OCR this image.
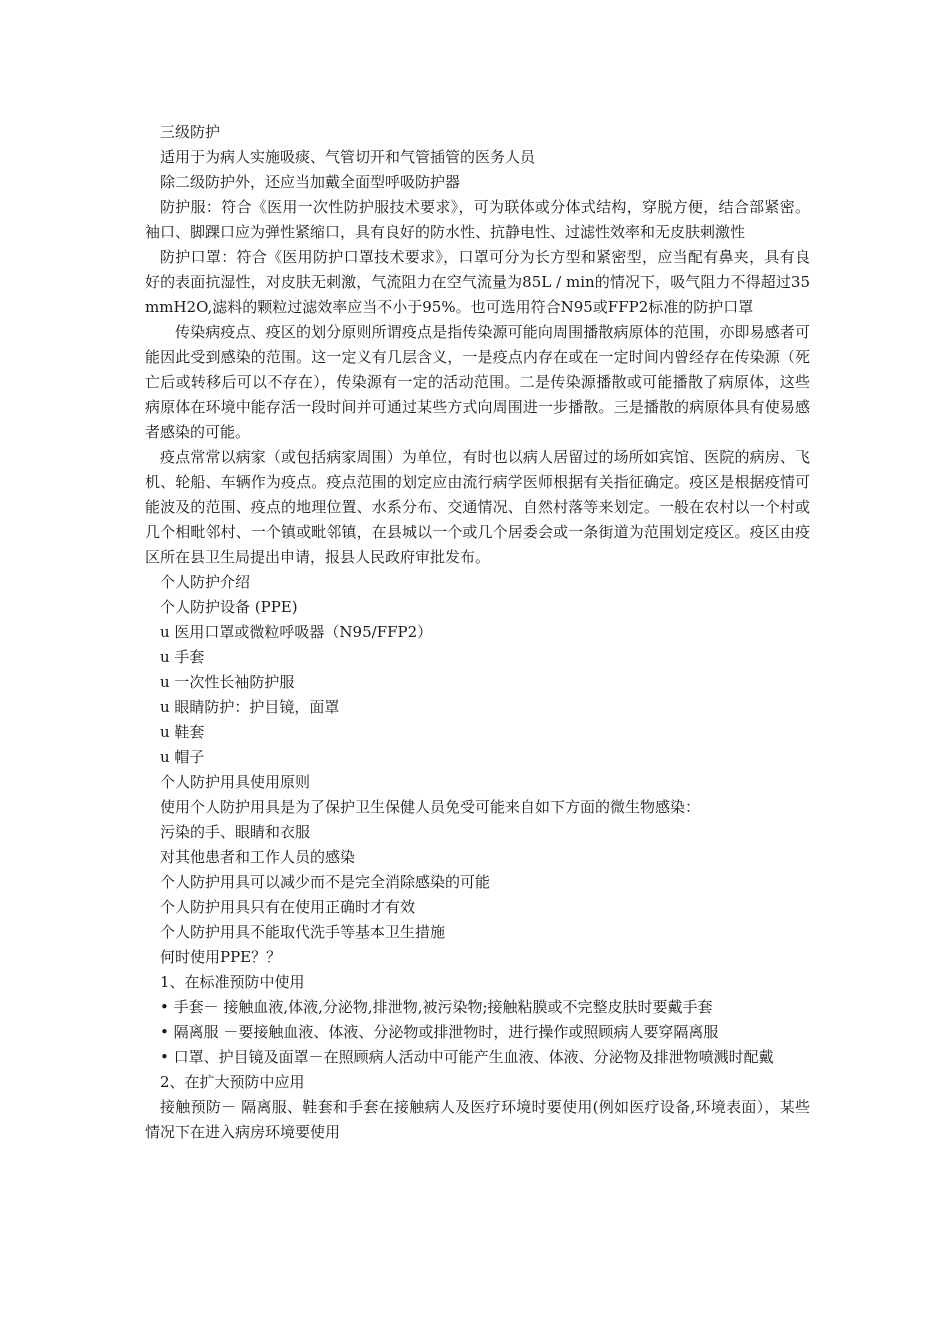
三级防护

适用于为病人实施吸痰、气管切开和气管插管的医务人员

除二级防护外，还应当加戴全面型呼吸防护器

防护服：符合《医用一次性防护服技术要求》，可为联体或分体式结构，穿脱方便，结合部紧密。袖口、脚踝口应为弹性紧缩口，具有良好的防水性、抗静电性、过滤性效率和无皮肤刺激性

防护口罩：符合《医用防护口罩技术要求》，口罩可分为长方型和紧密型，应当配有鼻夹，具有良好的表面抗湿性，对皮肤无刺激，气流阻力在空气流量为85L / min的情况下，吸气阻力不得超过35mmH2O,滤料的颗粒过滤效率应当不小于95%。也可选用符合N95或FFP2标准的防护口罩

传染病疫点、疫区的划分原则所谓疫点是指传染源可能向周围播散病原体的范围，亦即易感者可能因此受到感染的范围。这一定义有几层含义，一是疫点内存在或在一定时间内曾经存在传染源（死亡后或转移后可以不存在），传染源有一定的活动范围。二是传染源播散或可能播散了病原体，这些病原体在环境中能存活一段时间并可通过某些方式向周围进一步播散。三是播散的病原体具有使易感者感染的可能。

疫点常常以病家（或包括病家周围）为单位，有时也以病人居留过的场所如宾馆、医院的病房、飞机、轮船、车辆作为疫点。疫点范围的划定应由流行病学医师根据有关指征确定。疫区是根据疫情可能波及的范围、疫点的地理位置、水系分布、交通情况、自然村落等来划定。一般在农村以一个村或几个相毗邻村、一个镇或毗邻镇，在县城以一个或几个居委会或一条街道为范围划定疫区。疫区由疫区所在县卫生局提出申请，报县人民政府审批发布。

个人防护介绍

个人防护设备 (PPE)

u 医用口罩或微粒呼吸器（N95/FFP2）

u 手套

u 一次性长袖防护服

u 眼睛防护：护目镜，面罩

u 鞋套

u 帽子

个人防护用具使用原则

使用个人防护用具是为了保护卫生保健人员免受可能来自如下方面的微生物感染：

污染的手、眼睛和衣服

对其他患者和工作人员的感染

个人防护用具可以减少而不是完全消除感染的可能

个人防护用具只有在使用正确时才有效

个人防护用具不能取代洗手等基本卫生措施

何时使用PPE？？

1、在标准预防中使用

• 手套－ 接触血液,体液,分泌物,排泄物,被污染物;接触粘膜或不完整皮肤时要戴手套

• 隔离服 －要接触血液、体液、分泌物或排泄物时，进行操作或照顾病人要穿隔离服

• 口罩、护目镜及面罩－在照顾病人活动中可能产生血液、体液、分泌物及排泄物喷溅时配戴

2、在扩大预防中应用

接触预防－ 隔离服、鞋套和手套在接触病人及医疗环境时要使用(例如医疗设备,环境表面），某些情况下在进入病房环境要使用
